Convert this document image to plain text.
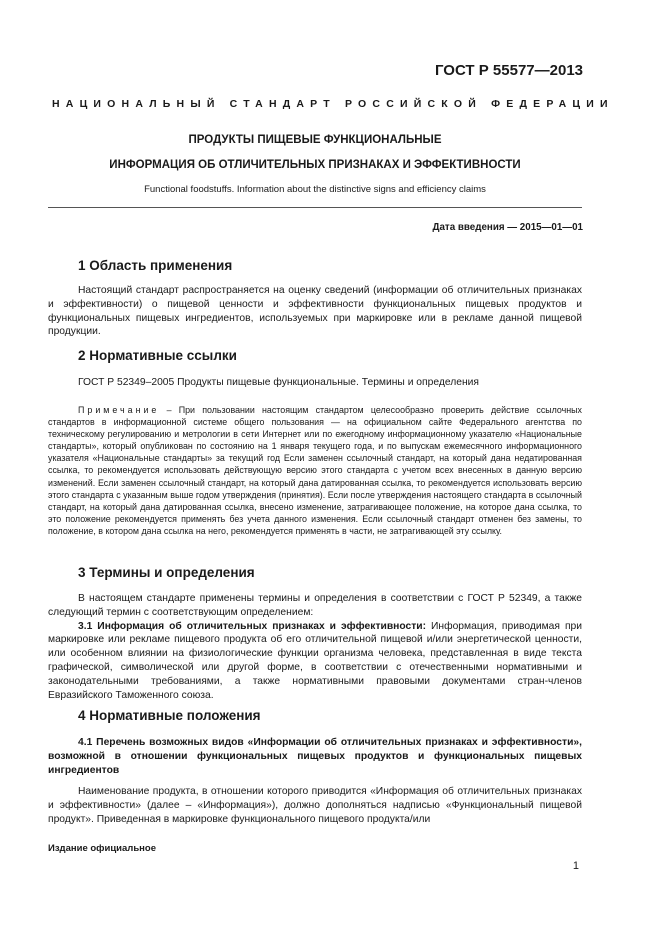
ГОСТ Р 55577—2013
НАЦИОНАЛЬНЫЙ СТАНДАРТ РОССИЙСКОЙ ФЕДЕРАЦИИ
ПРОДУКТЫ ПИЩЕВЫЕ ФУНКЦИОНАЛЬНЫЕ
ИНФОРМАЦИЯ ОБ ОТЛИЧИТЕЛЬНЫХ ПРИЗНАКАХ И ЭФФЕКТИВНОСТИ
Functional foodstuffs. Information about the distinctive signs and efficiency claims
Дата введения — 2015—01—01
1 Область применения

Настоящий стандарт распространяется на оценку сведений (информации об отличительных признаках и эффективности) о пищевой ценности и эффективности функциональных пищевых продуктов и функциональных пищевых ингредиентов, используемых при маркировке или в рекламе данной пищевой продукции.

2 Нормативные ссылки

ГОСТ Р 52349–2005 Продукты пищевые функциональные. Термины и определения

Примечание – При пользовании настоящим стандартом целесообразно проверить действие ссылочных стандартов в информационной системе общего пользования — на официальном сайте Федерального агентства по техническому регулированию и метрологии в сети Интернет или по ежегодному информационному указателю «Национальные стандарты», который опубликован по состоянию на 1 января текущего года, и по выпускам ежемесячного информационного указателя «Национальные стандарты» за текущий год Если заменен ссылочный стандарт, на который дана недатированная ссылка, то рекомендуется использовать действующую версию этого стандарта с учетом всех внесенных в данную версию изменений. Если заменен ссылочный стандарт, на который дана датированная ссылка, то рекомендуется использовать версию этого стандарта с указанным выше годом утверждения (принятия). Если после утверждения настоящего стандарта в ссылочный стандарт, на который дана датированная ссылка, внесено изменение, затрагивающее положение, на которое дана ссылка, то это положение рекомендуется применять без учета данного изменения. Если ссылочный стандарт отменен без замены, то положение, в котором дана ссылка на него, рекомендуется применять в части, не затрагивающей эту ссылку.

3 Термины и определения

В настоящем стандарте применены термины и определения в соответствии с ГОСТ Р 52349, а также следующий термин с соответствующим определением:

3.1 Информация об отличительных признаках и эффективности: Информация, приводимая при маркировке или рекламе пищевого продукта об его отличительной пищевой и/или энергетической ценности, или особенном влиянии на физиологические функции организма человека, представленная в виде текста графической, символической или другой форме, в соответствии с отечественными нормативными и законодательными требованиями, а также нормативными правовыми документами стран-членов Евразийского Таможенного союза.

4 Нормативные положения

4.1 Перечень возможных видов «Информации об отличительных признаках и эффективности», возможной в отношении функциональных пищевых продуктов и функциональных пищевых ингредиентов

Наименование продукта, в отношении которого приводится «Информация об отличительных признаках и эффективности» (далее – «Информация»), должно дополняться надписью «Функциональный пищевой продукт». Приведенная в маркировке функционального пищевого продукта/или

Издание официальное
1
